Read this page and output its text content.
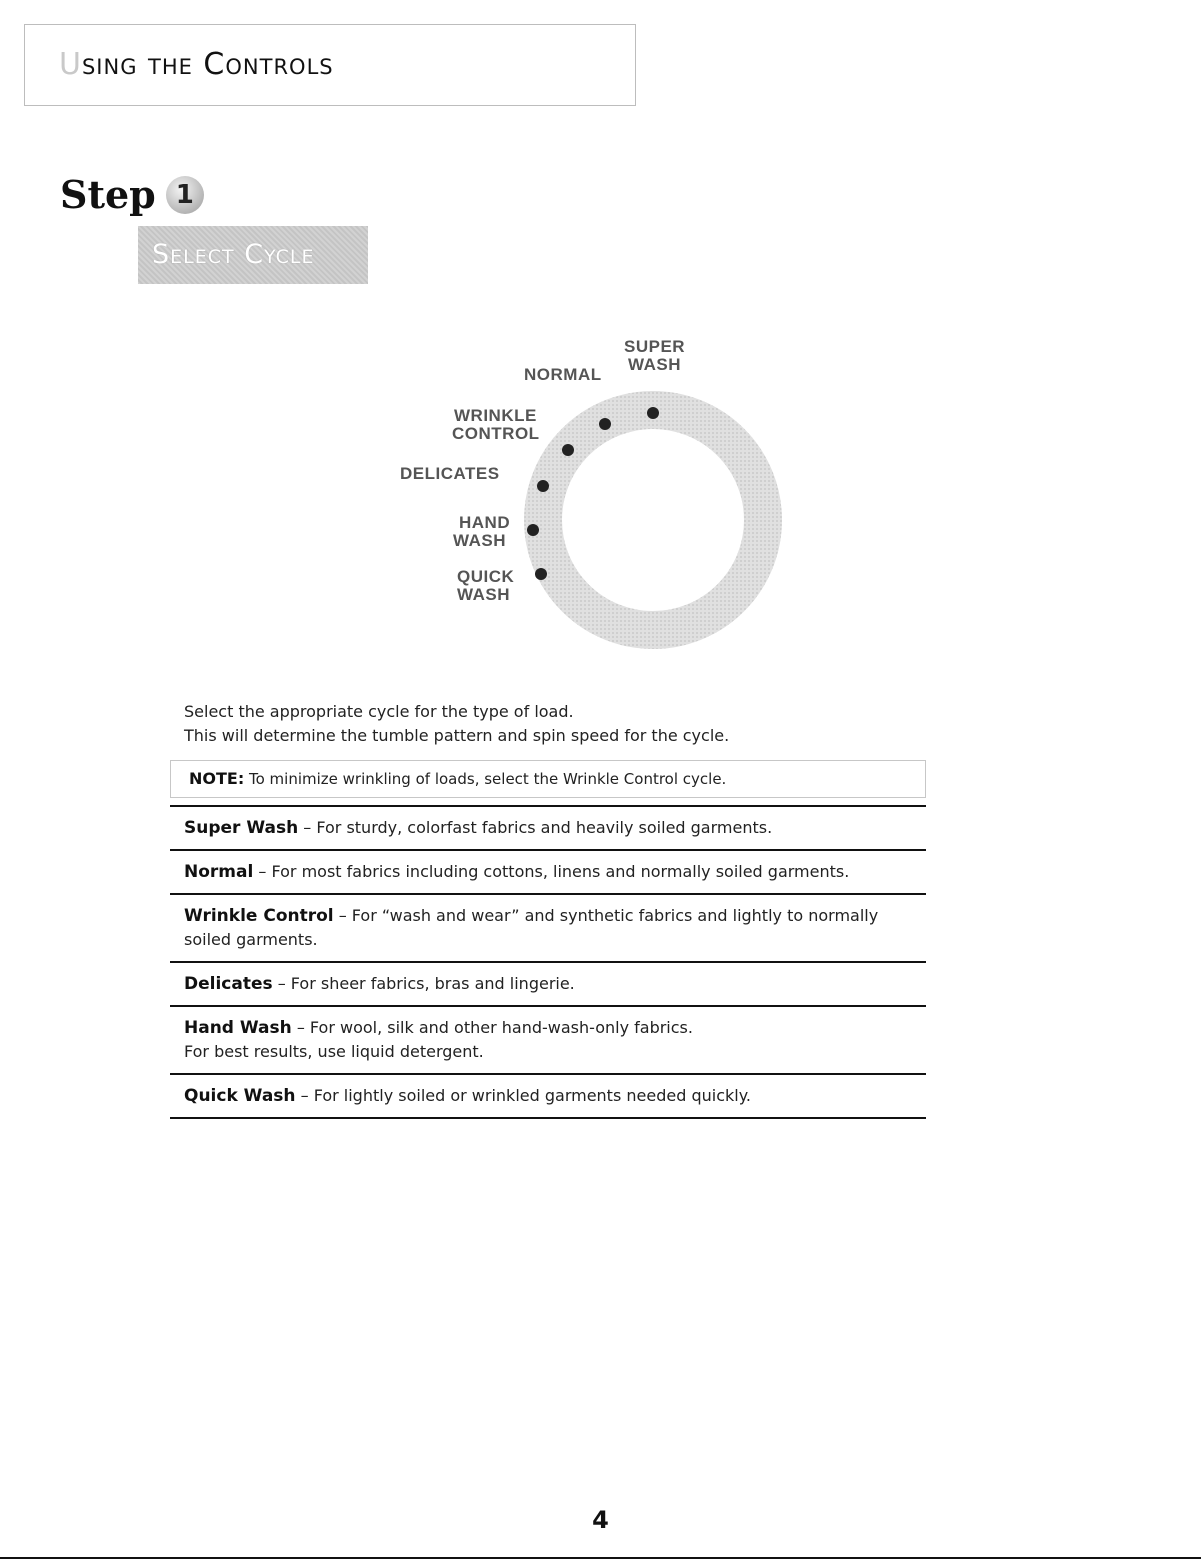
Using the Controls
Step 1
Select Cycle
SUPER
WASH
NORMAL
WRINKLE
CONTROL
DELICATES
HAND
WASH
QUICK
WASH
Select the appropriate cycle for the type of load.
This will determine the tumble pattern and spin speed for the cycle.
NOTE: To minimize wrinkling of loads, select the Wrinkle Control cycle.
Super Wash – For sturdy, colorfast fabrics and heavily soiled garments.
Normal – For most fabrics including cottons, linens and normally soiled garments.
Wrinkle Control – For “wash and wear” and synthetic fabrics and lightly to normally soiled garments.
Delicates – For sheer fabrics, bras and lingerie.
Hand Wash – For wool, silk and other hand-wash-only fabrics.
For best results, use liquid detergent.
Quick Wash – For lightly soiled or wrinkled garments needed quickly.
4
